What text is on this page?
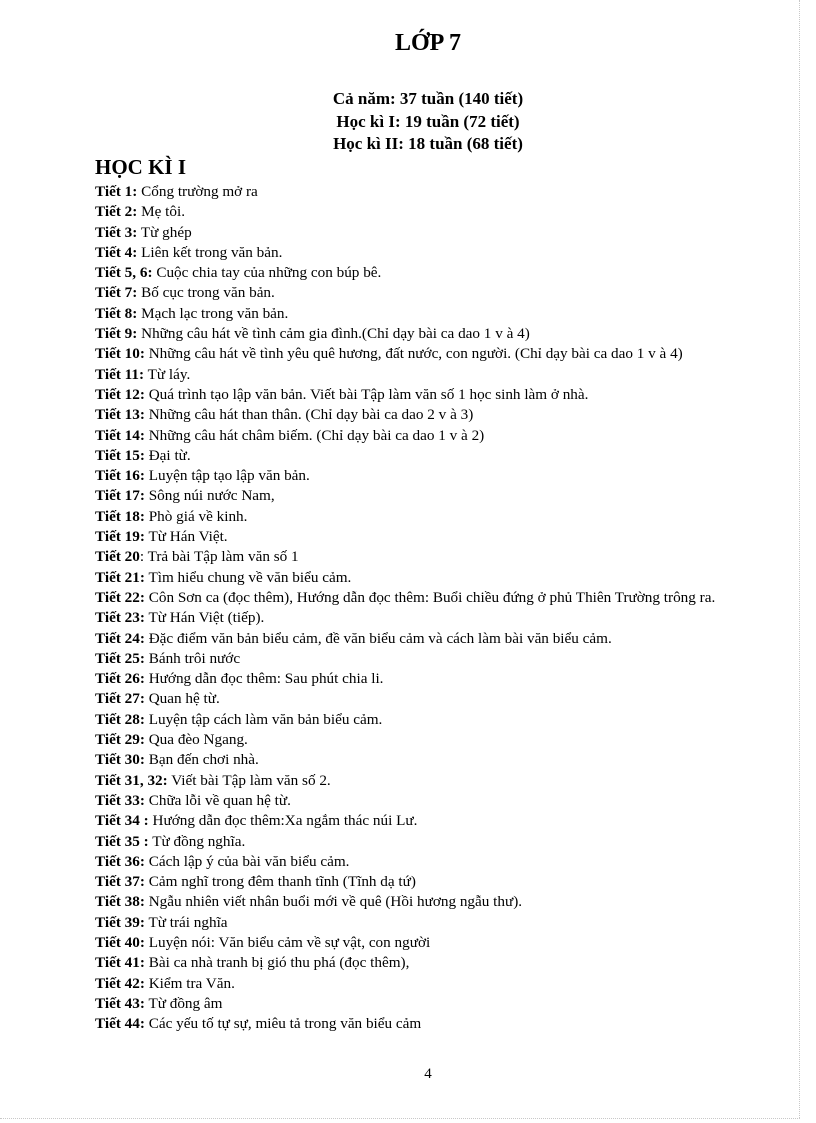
LỚP 7
Cả năm: 37 tuần (140 tiết)
Học kì I: 19 tuần (72 tiết)
Học kì II: 18 tuần (68 tiết)
HỌC KÌ I
Tiết 1: Cổng trường mở ra
Tiết 2: Mẹ tôi.
Tiết 3: Từ ghép
Tiết 4: Liên kết trong văn bản.
Tiết 5, 6: Cuộc chia tay của những con búp bê.
Tiết 7: Bố cục trong văn bản.
Tiết 8: Mạch lạc trong văn bản.
Tiết 9: Những câu hát về tình cảm gia đình.(Chỉ dạy bài ca dao 1 v à 4)
Tiết 10: Những câu hát về tình yêu quê hương, đất nước, con người. (Chỉ dạy bài ca dao 1 v à 4)
Tiết 11: Từ láy.
Tiết 12: Quá trình tạo lập văn bản. Viết bài Tập làm văn số 1 học sinh làm ở nhà.
Tiết 13: Những câu hát than thân. (Chỉ dạy bài ca dao 2 v à 3)
Tiết 14: Những câu hát châm biếm. (Chỉ dạy bài ca dao 1 v à 2)
Tiết 15: Đại từ.
Tiết 16: Luyện tập tạo lập văn bản.
Tiết 17: Sông núi nước Nam,
Tiết 18: Phò giá về kinh.
Tiết 19: Từ Hán Việt.
Tiết 20: Trả bài Tập làm văn số 1
Tiết 21: Tìm hiểu chung về văn biểu cảm.
Tiết 22: Côn Sơn ca (đọc thêm), Hướng dẫn đọc thêm: Buổi chiều đứng ở phủ Thiên Trường trông ra.
Tiết 23: Từ Hán Việt (tiếp).
Tiết 24: Đặc điểm văn bản biểu cảm, đề văn biểu cảm và cách làm bài văn biểu cảm.
Tiết 25: Bánh trôi nước
Tiết 26: Hướng dẫn đọc thêm: Sau phút chia li.
Tiết 27: Quan hệ từ.
Tiết 28: Luyện tập cách làm văn bản biểu cảm.
Tiết 29: Qua đèo Ngang.
Tiết 30: Bạn đến chơi nhà.
Tiết 31, 32: Viết bài Tập làm văn số 2.
Tiết 33: Chữa lỗi về quan hệ từ.
Tiết 34 : Hướng dẫn đọc thêm:Xa ngắm thác núi Lư.
Tiết 35 : Từ đồng nghĩa.
Tiết 36: Cách lập ý của bài văn biểu cảm.
Tiết 37: Cảm nghĩ trong đêm thanh tĩnh (Tĩnh dạ tứ)
Tiết 38: Ngẫu nhiên viết nhân buổi mới về quê (Hồi hương ngẫu thư).
Tiết 39: Từ trái nghĩa
Tiết 40: Luyện nói: Văn biểu cảm về sự vật, con người
Tiết 41: Bài ca nhà tranh bị gió thu phá (đọc thêm),
Tiết 42: Kiểm tra Văn.
Tiết 43: Từ đồng âm
Tiết 44: Các yếu tố tự sự, miêu tả trong văn biểu cảm
4
